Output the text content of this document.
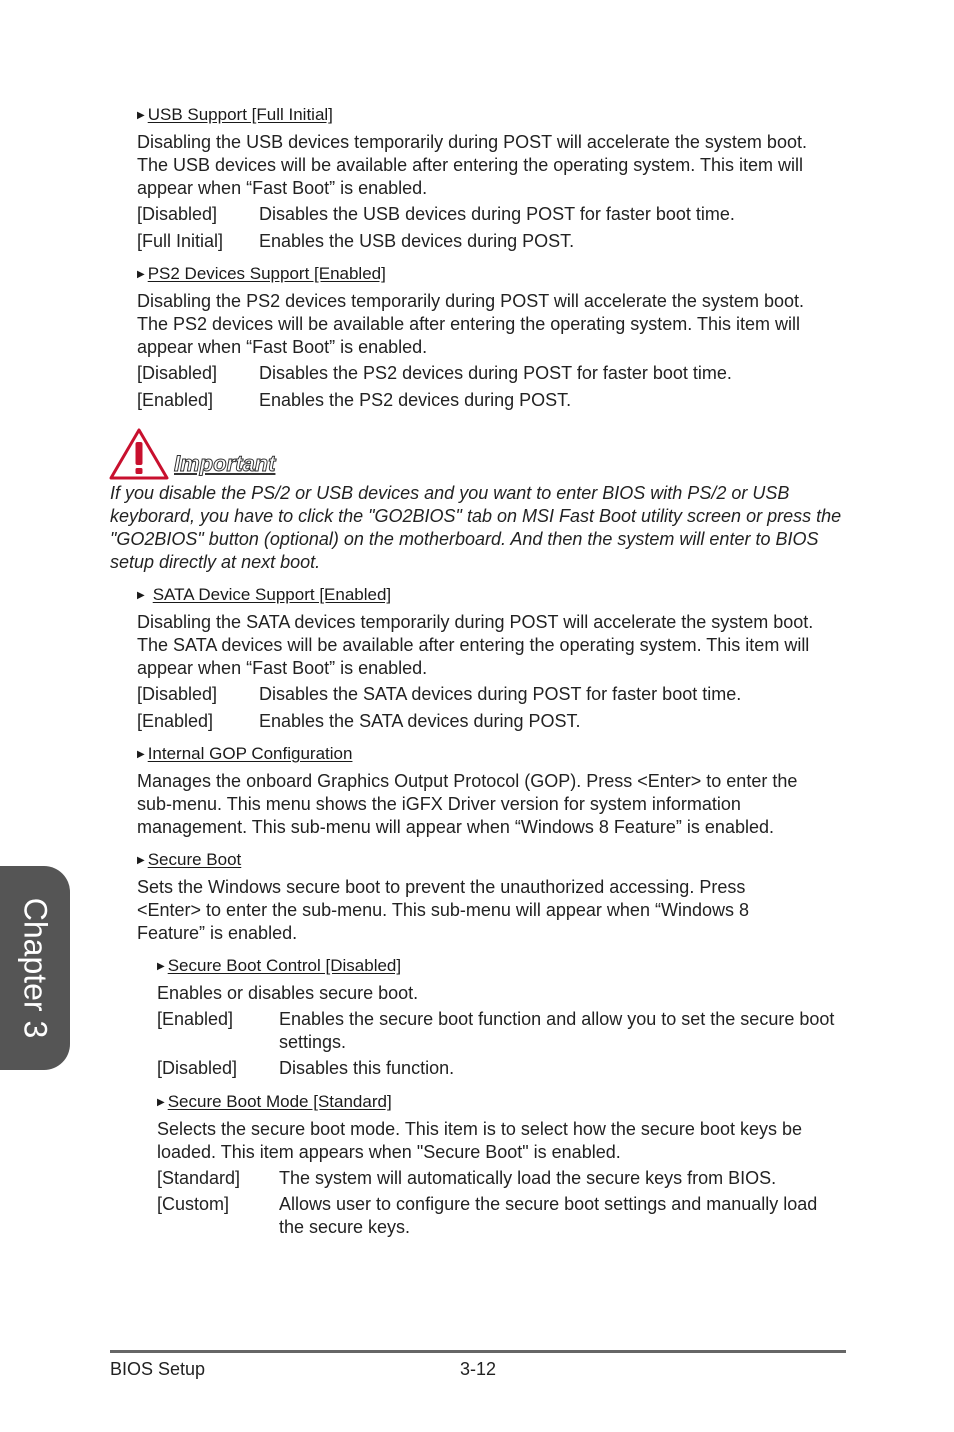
▶ USB Support [Full Initial]
Disabling the USB devices temporarily during POST will accelerate the system boot. The USB devices will be available after entering the operating system. This item will appear when “Fast Boot” is enabled.
[Disabled] Disables the USB devices during POST for faster boot time.
[Full Initial] Enables the USB devices during POST.
▶ PS2 Devices Support [Enabled]
Disabling the PS2 devices temporarily during POST will accelerate the system boot. The PS2 devices will be available after entering the operating system. This item will appear when “Fast Boot” is enabled.
[Disabled] Disables the PS2 devices during POST for faster boot time.
[Enabled]	Enables the PS2 devices during POST.
Important
If you disable the PS/2 or USB devices and you want to enter BIOS with PS/2 or USB keyborard, you have to click the "GO2BIOS" tab on MSI Fast Boot utility screen or press the "GO2BIOS" button (optional) on the motherboard. And then the system will enter to BIOS setup directly at next boot.
▶ SATA Device Support [Enabled]
Disabling the SATA devices temporarily during POST will accelerate the system boot. The SATA devices will be available after entering the operating system. This item will appear when “Fast Boot” is enabled.
[Disabled] Disables the SATA devices during POST for faster boot time.
[Enabled]	Enables the SATA devices during POST.
▶ Internal GOP Configuration
Manages the onboard Graphics Output Protocol (GOP). Press <Enter> to enter the sub-menu. This menu shows the iGFX Driver version for system information management. This sub-menu will appear when “Windows 8 Feature” is enabled.
▶ Secure Boot
Sets the Windows secure boot to prevent the unauthorized accessing. Press <Enter> to enter the sub-menu. This sub-menu will appear when “Windows 8 Feature” is enabled.
▶ Secure Boot Control [Disabled]
Enables or disables secure boot.
[Enabled]	Enables the secure boot function and allow you to set the secure boot settings.
[Disabled] Disables this function.
▶ Secure Boot Mode [Standard]
Selects the secure boot mode. This item is to select how the secure boot keys be loaded. This item appears when "Secure Boot" is enabled.
[Standard] The system will automatically load the secure keys from BIOS.
[Custom]	Allows user to configure the secure boot settings and manually load the secure keys.
Chapter 3
BIOS Setup	3-12
